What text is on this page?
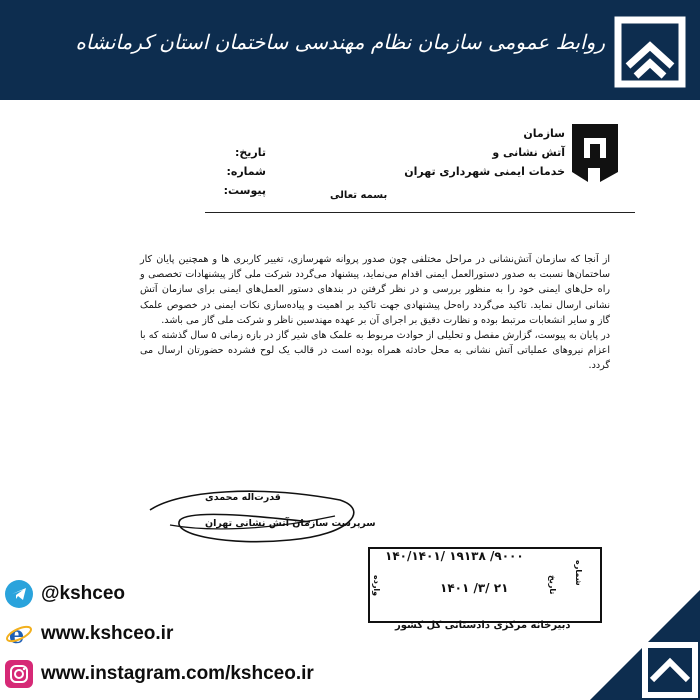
روابط عمومی سازمان نظام مهندسی ساختمان استان کرمانشاه
سازمان
آتش نشانی و
خدمات ایمنی شهرداری تهران
تاریخ:
شماره:
پیوست:	بسمه تعالی

از آنجا که سازمان آتش‌نشانی در مراحل مختلفی چون صدور پروانه شهرسازی، تغییر کاربری ها و همچنین پایان کار ساختمان‌ها نسبت به صدور دستورالعمل ایمنی اقدام می‌نماید، پیشنهاد می‌گردد شرکت ملی گاز پیشنهادات تخصصی و راه حل‌های ایمنی خود را به منظور بررسی و در نظر گرفتن در بندهای دستور العمل‌های ایمنی برای سازمان آتش نشانی ارسال نماید. تاکید می‌گردد راه‌حل پیشنهادی جهت تاکید بر اهمیت و پیاده‌سازی نکات ایمنی در خصوص علمک گاز و سایر انشعابات مرتبط بوده و نظارت دقیق بر اجرای آن بر عهده مهندسین ناظر و شرکت ملی گاز می باشد.

در پایان به پیوست، گزارش مفصل و تحلیلی از حوادث مربوط به علمک های شیر گاز در بازه زمانی ۵ سال گذشته که با اعزام نیروهای عملیاتی آتش نشانی به محل حادثه همراه بوده است در قالب یک لوح فشرده حضورتان ارسال می گردد.

قدرت‌اله محمدی
سرپرست سازمان آتش نشانی تهران
۱۴۰/۱۴۰۱/ ۱۹۱۳۸ /۹۰۰۰
۱۴۰۱ /۳/ ۲۱
شماره
تاریخ
وارده
دبیرخانه مرکزی دادستانی کل کشور
@kshceo
e www.kshceo.ir
www.instagram.com/kshceo.ir
